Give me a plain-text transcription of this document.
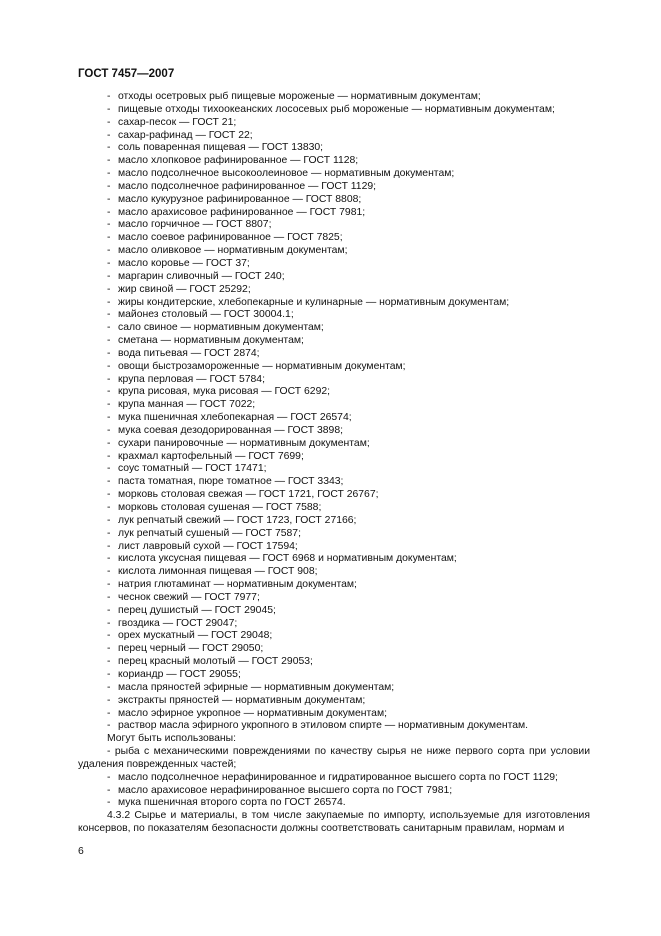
ГОСТ 7457—2007
- отходы осетровых рыб пищевые мороженые — нормативным документам;
- пищевые отходы тихоокеанских лососевых рыб мороженые — нормативным документам;
- сахар-песок — ГОСТ 21;
- сахар-рафинад — ГОСТ 22;
- соль поваренная пищевая — ГОСТ 13830;
- масло хлопковое рафинированное — ГОСТ 1128;
- масло подсолнечное высокоолеиновое — нормативным документам;
- масло подсолнечное рафинированное — ГОСТ 1129;
- масло кукурузное рафинированное — ГОСТ 8808;
- масло арахисовое рафинированное — ГОСТ 7981;
- масло горчичное — ГОСТ 8807;
- масло соевое рафинированное — ГОСТ 7825;
- масло оливковое — нормативным документам;
- масло коровье — ГОСТ 37;
- маргарин сливочный — ГОСТ 240;
- жир свиной — ГОСТ 25292;
- жиры кондитерские, хлебопекарные и кулинарные — нормативным документам;
- майонез столовый — ГОСТ 30004.1;
- сало свиное — нормативным документам;
- сметана — нормативным документам;
- вода питьевая — ГОСТ 2874;
- овощи быстрозамороженные — нормативным документам;
- крупа перловая — ГОСТ 5784;
- крупа рисовая, мука рисовая — ГОСТ 6292;
- крупа манная — ГОСТ 7022;
- мука пшеничная хлебопекарная — ГОСТ 26574;
- мука соевая дезодорированная — ГОСТ 3898;
- сухари панировочные — нормативным документам;
- крахмал картофельный — ГОСТ 7699;
- соус томатный — ГОСТ 17471;
- паста томатная, пюре томатное — ГОСТ 3343;
- морковь столовая свежая — ГОСТ 1721, ГОСТ 26767;
- морковь столовая сушеная — ГОСТ 7588;
- лук репчатый свежий — ГОСТ 1723, ГОСТ 27166;
- лук репчатый сушеный — ГОСТ 7587;
- лист лавровый сухой — ГОСТ 17594;
- кислота уксусная пищевая — ГОСТ 6968 и нормативным документам;
- кислота лимонная пищевая — ГОСТ 908;
- натрия глютаминат — нормативным документам;
- чеснок свежий — ГОСТ 7977;
- перец душистый — ГОСТ 29045;
- гвоздика — ГОСТ 29047;
- орех мускатный — ГОСТ 29048;
- перец черный — ГОСТ 29050;
- перец красный молотый — ГОСТ 29053;
- кориандр — ГОСТ 29055;
- масла пряностей эфирные — нормативным документам;
- экстракты пряностей — нормативным документам;
- масло эфирное укропное — нормативным документам;
- раствор масла эфирного укропного в этиловом спирте — нормативным документам.
Могут быть использованы:
- рыба с механическими повреждениями по качеству сырья не ниже первого сорта при условии удаления поврежденных частей;
- масло подсолнечное нерафинированное и гидратированное высшего сорта по ГОСТ 1129;
- масло арахисовое нерафинированное высшего сорта по ГОСТ 7981;
- мука пшеничная второго сорта по ГОСТ 26574.
4.3.2 Сырье и материалы, в том числе закупаемые по импорту, используемые для изготовления консервов, по показателям безопасности должны соответствовать санитарным правилам, нормам и
6
